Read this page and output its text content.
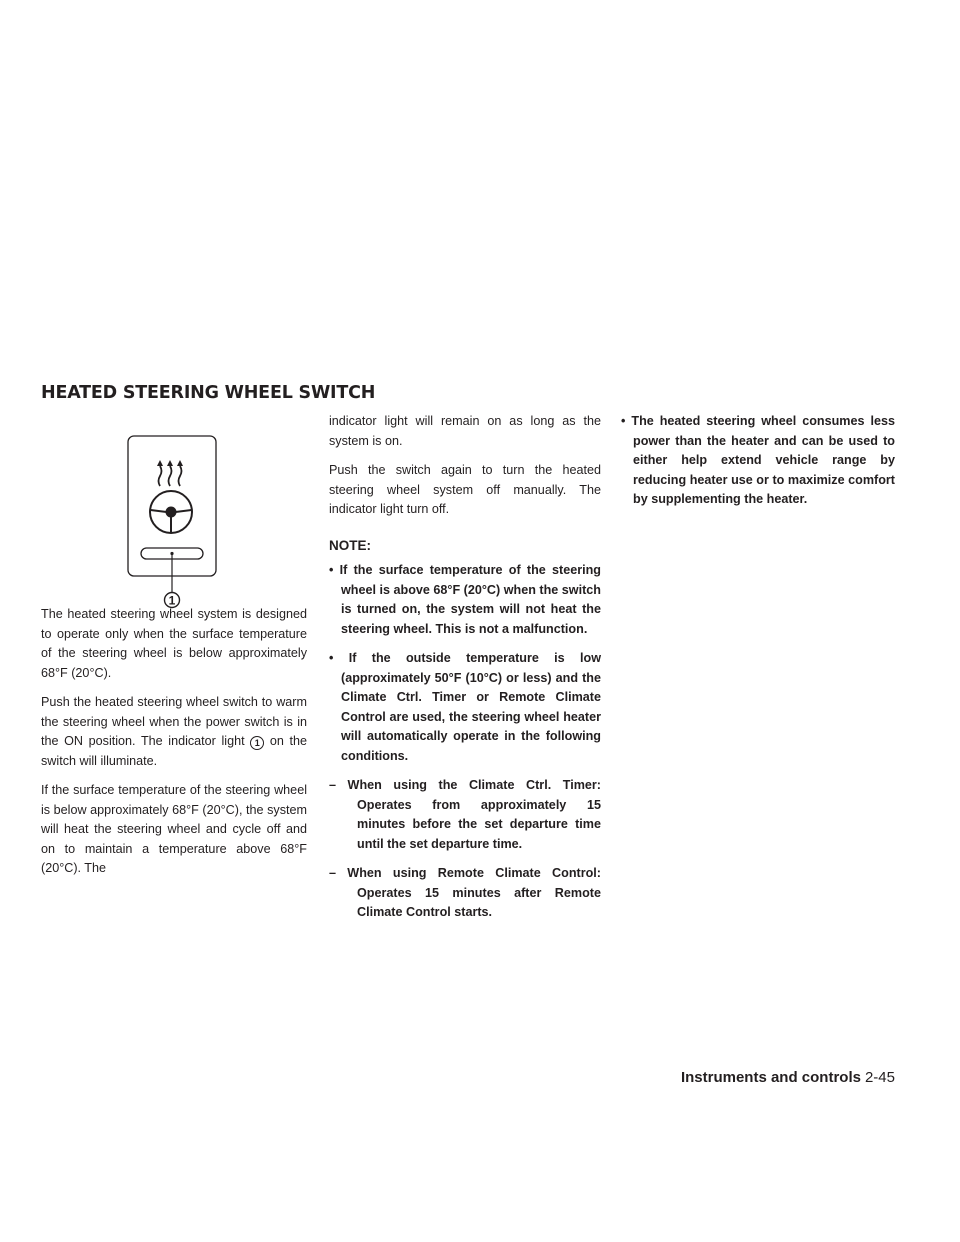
HEATED STEERING WHEEL SWITCH
1

The heated steering wheel system is designed to operate only when the surface temperature of the steering wheel is below approximately 68°F (20°C).

Push the heated steering wheel switch to warm the steering wheel when the power switch is in the ON position. The indicator light 1 on the switch will illuminate.

If the surface temperature of the steering wheel is below approximately 68°F (20°C), the system will heat the steering wheel and cycle off and on to maintain a temperature above 68°F (20°C). The

indicator light will remain on as long as the system is on.

Push the switch again to turn the heated steering wheel system off manually. The indicator light turn off.

NOTE:

• If the surface temperature of the steering wheel is above 68°F (20°C) when the switch is turned on, the system will not heat the steering wheel. This is not a malfunction.

• If the outside temperature is low (approximately 50°F (10°C) or less) and the Climate Ctrl. Timer or Remote Climate Control are used, the steering wheel heater will automatically operate in the following conditions.

– When using the Climate Ctrl. Timer: Operates from approximately 15 minutes before the set departure time until the set departure time.

– When using Remote Climate Control: Operates 15 minutes after Remote Climate Control starts.

• The heated steering wheel consumes less power than the heater and can be used to either help extend vehicle range by reducing heater use or to maximize comfort by supplementing the heater.

Instruments and controls 2-45
